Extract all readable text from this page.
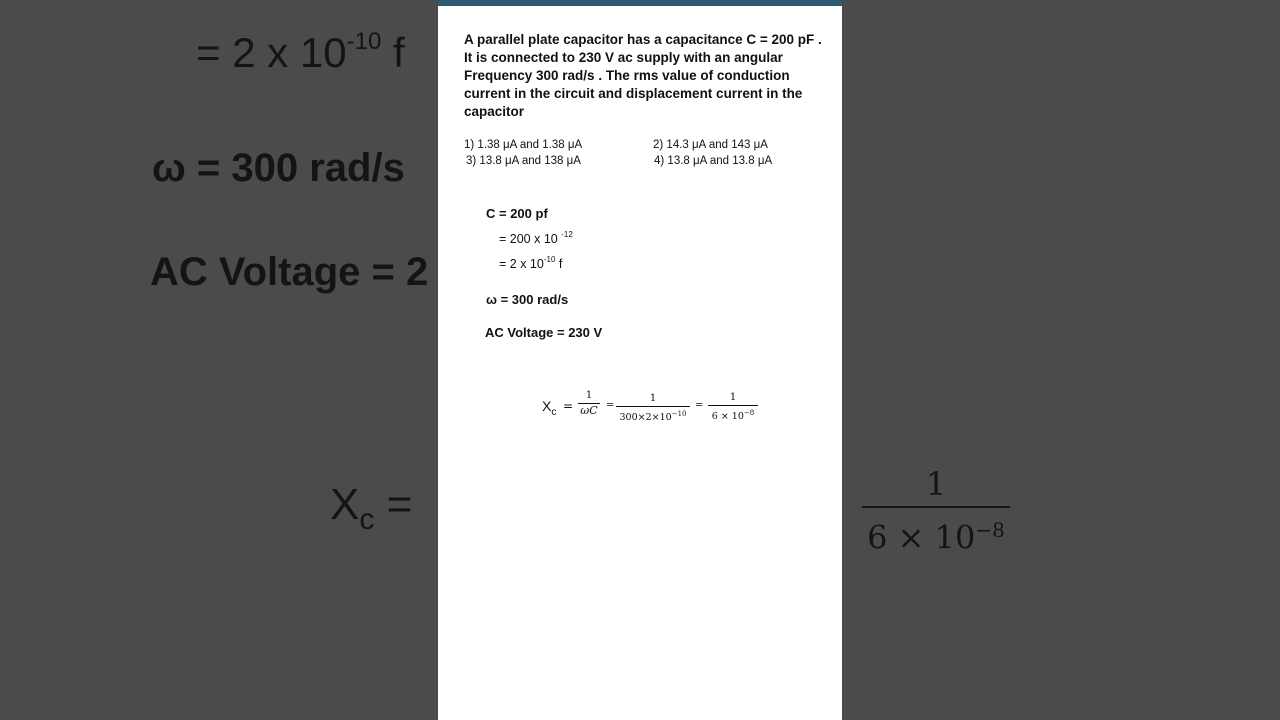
= 2 x $10^{-10}$ f
ω = 300 rad/s
AC Voltage = 2
$X_c$ =	1
$6 \times 10^{-8}$
A parallel plate capacitor has a capacitance C = 200 pF . It is connected to 230 V ac supply with an angular Frequency 300 rad/s . The rms value of conduction current in the circuit and displacement current in the capacitor
1) 1.38 μA and 1.38 μA	2) 14.3 μA and 143 μA
3) 13.8 μA and 138 μA	4) 13.8 μA and 13.8 μA
C = 200 pf
= 200 x 10 $^{-12}$
= 2 x $10^{-10}$ f
ω = 300 rad/s
AC Voltage = 230 V
$X_c$ =
1
ωC =
1
$300\times 2\times 10^{-10}$
=
1
$6 \times 10^{-8}$
